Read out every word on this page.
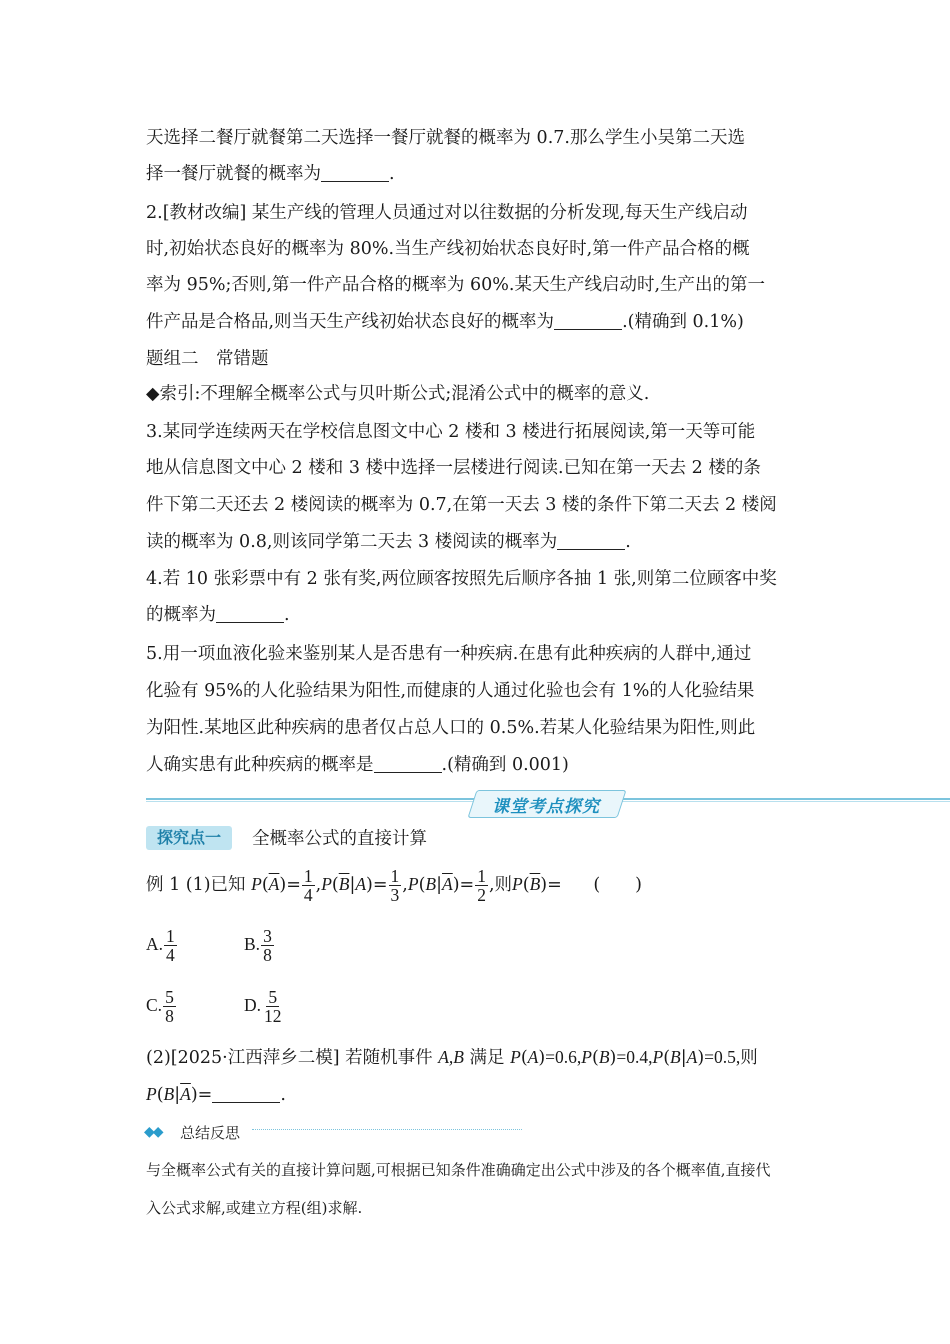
天选择二餐厅就餐第二天选择一餐厅就餐的概率为 0.7.那么学生小吴第二天选
择一餐厅就餐的概率为	.
2.[教材改编] 某生产线的管理人员通过对以往数据的分析发现,每天生产线启动
时,初始状态良好的概率为 80%.当生产线初始状态良好时,第一件产品合格的概
率为 95%;否则,第一件产品合格的概率为 60%.某天生产线启动时,生产出的第一
件产品是合格品,则当天生产线初始状态良好的概率为	.(精确到 0.1%)
题组二　常错题
◆索引:不理解全概率公式与贝叶斯公式;混淆公式中的概率的意义.
3.某同学连续两天在学校信息图文中心 2 楼和 3 楼进行拓展阅读,第一天等可能
地从信息图文中心 2 楼和 3 楼中选择一层楼进行阅读.已知在第一天去 2 楼的条
件下第二天还去 2 楼阅读的概率为 0.7,在第一天去 3 楼的条件下第二天去 2 楼阅
读的概率为 0.8,则该同学第二天去 3 楼阅读的概率为	.
4.若 10 张彩票中有 2 张有奖,两位顾客按照先后顺序各抽 1 张,则第二位顾客中奖
的概率为	.
5.用一项血液化验来鉴别某人是否患有一种疾病.在患有此种疾病的人群中,通过
化验有 95%的人化验结果为阳性,而健康的人通过化验也会有 1%的人化验结果
为阳性.某地区此种疾病的患者仅占总人口的 0.5%.若某人化验结果为阳性,则此
人确实患有此种疾病的概率是	.(精确到 0.001)
课堂考点探究
探究点一	全概率公式的直接计算
例 1 (1)已知 $P(\overline{A})= \frac{1}{4} ,P(\overline{B}|A)= \frac{1}{3} ,P(B|\overline{A})= \frac{1}{2}$ ,则$P(\overline{B})=$ (　　)
A. $\frac{1}{4}$	B. $\frac{3}{8}$
C. $\frac{5}{8}$	D. $\frac{5}{12}$
(2)[2025·江西萍乡二模] 若随机事件 A,B 满足 P(A)=0.6,P(B)=0.4,P(B|A)=0.5,则
$P(B|\overline{A})=$	.
◆◆ 总结反思
与全概率公式有关的直接计算问题,可根据已知条件准确确定出公式中涉及的各个概率值,直接代
入公式求解,或建立方程(组)求解.
